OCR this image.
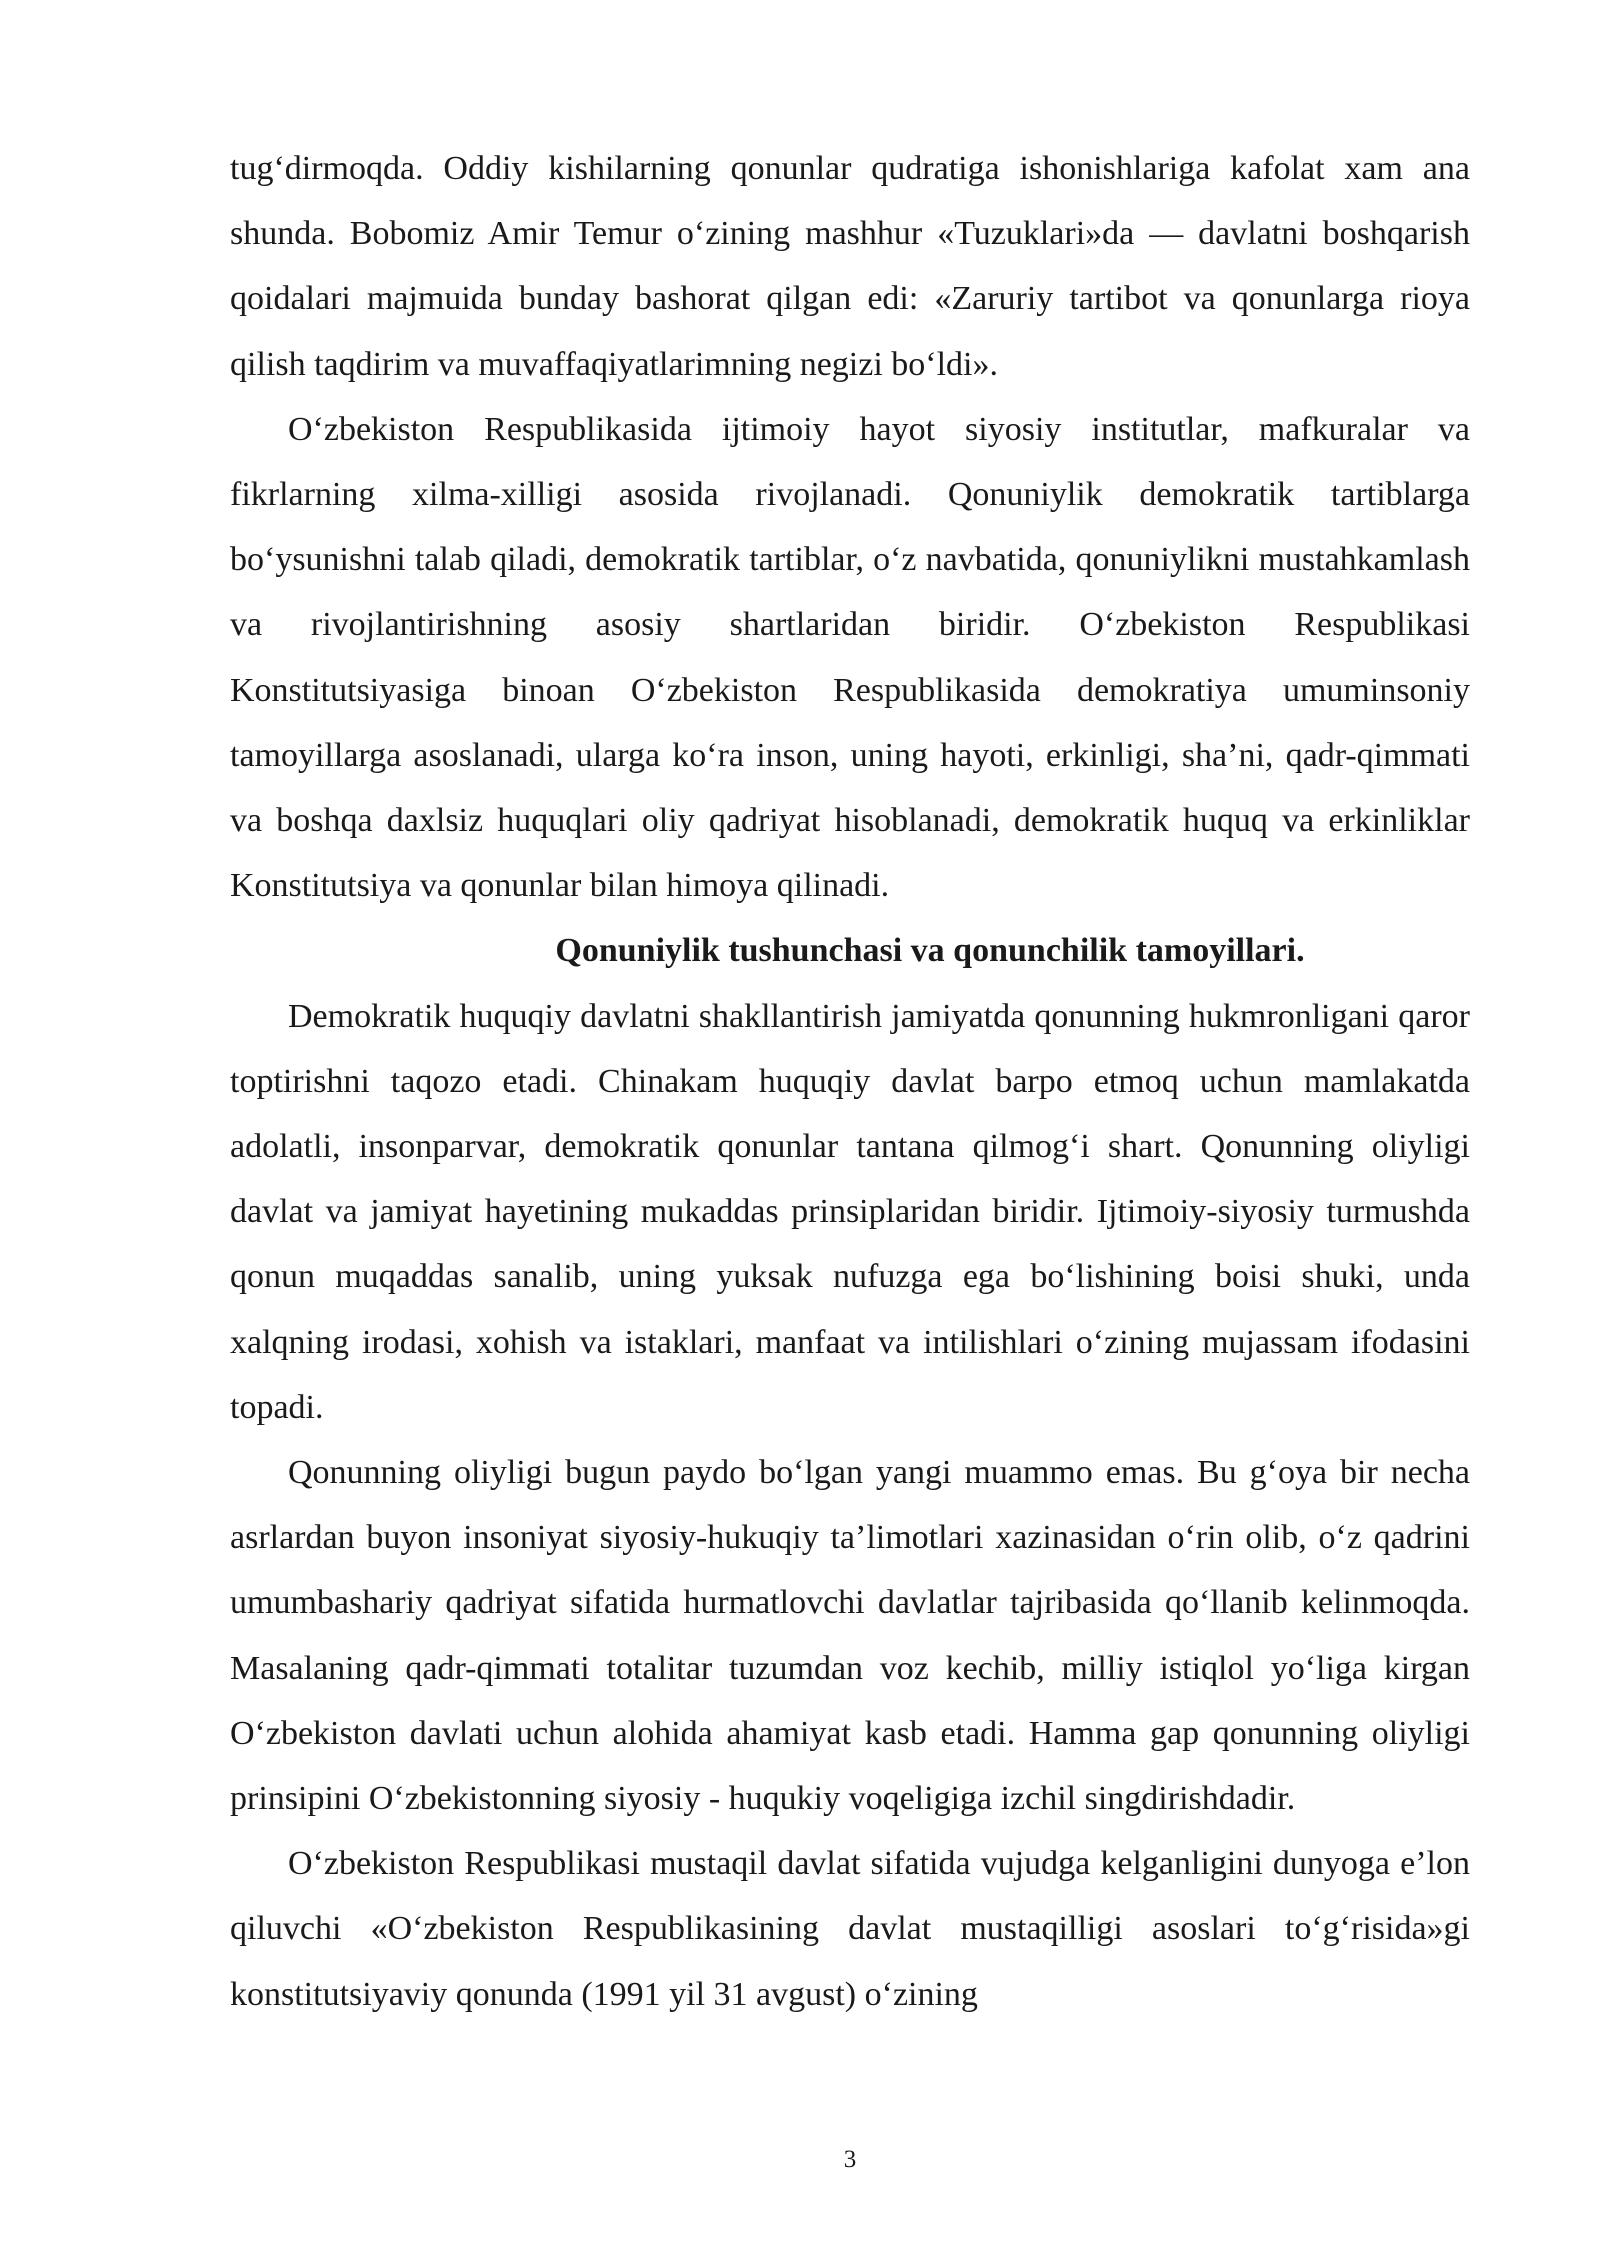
tug‘dirmoqda. Oddiy kishilarning qonunlar qudratiga ishonishlariga kafolat xam ana shunda. Bobomiz Amir Temur o‘zining mashhur «Tuzuklari»da — davlatni boshqarish qoidalari majmuida bunday bashorat qilgan edi: «Zaruriy tartibot va qonunlarga rioya qilish taqdirim va muvaffaqiyatlarimning negizi bo‘ldi».

O‘zbekiston Respublikasida ijtimoiy hayot siyosiy institutlar, mafkuralar va fikrlarning xilma-xilligi asosida rivojlanadi. Qonuniylik demokratik tartiblarga bo‘ysunishni talab qiladi, demokratik tartiblar, o‘z navbatida, qonuniylikni mustahkamlash va rivojlantirishning asosiy shartlaridan biridir. O‘zbekiston Respublikasi Konstitutsiyasiga binoan O‘zbekiston Respublikasida demokratiya umuminsoniy tamoyillarga asoslanadi, ularga ko‘ra inson, uning hayoti, erkinligi, sha’ni, qadr-qimmati va boshqa daxlsiz huquqlari oliy qadriyat hisoblanadi, demokratik huquq va erkinliklar Konstitutsiya va qonunlar bilan himoya qilinadi.

Qonuniylik tushunchasi va qonunchilik tamoyillari.

Demokratik huquqiy davlatni shakllantirish jamiyatda qonunning hukmronligani qaror toptirishni taqozo etadi. Chinakam huquqiy davlat barpo etmoq uchun mamlakatda adolatli, insonparvar, demokratik qonunlar tantana qilmog‘i shart. Qonunning oliyligi davlat va jamiyat hayetining mukaddas prinsiplaridan biridir. Ijtimoiy-siyosiy turmushda qonun muqaddas sanalib, uning yuksak nufuzga ega bo‘lishining boisi shuki, unda xalqning irodasi, xohish va istaklari, manfaat va intilishlari o‘zining mujassam ifodasini topadi.

Qonunning oliyligi bugun paydo bo‘lgan yangi muammo emas. Bu g‘oya bir necha asrlardan buyon insoniyat siyosiy-hukuqiy ta’limotlari xazinasidan o‘rin olib, o‘z qadrini umumbashariy qadriyat sifatida hurmatlovchi davlatlar tajribasida qo‘llanib kelinmoqda. Masalaning qadr-qimmati totalitar tuzumdan voz kechib, milliy istiqlol yo‘liga kirgan O‘zbekiston davlati uchun alohida ahamiyat kasb etadi. Hamma gap qonunning oliyligi prinsipini O‘zbekistonning siyosiy - huqukiy voqeligiga izchil singdirishdadir.

O‘zbekiston Respublikasi mustaqil davlat sifatida vujudga kelganligini dunyoga e’lon qiluvchi «O‘zbekiston Respublikasining davlat mustaqilligi asoslari to‘g‘risida»gi konstitutsiyaviy qonunda (1991 yil 31 avgust) o‘zining

3
